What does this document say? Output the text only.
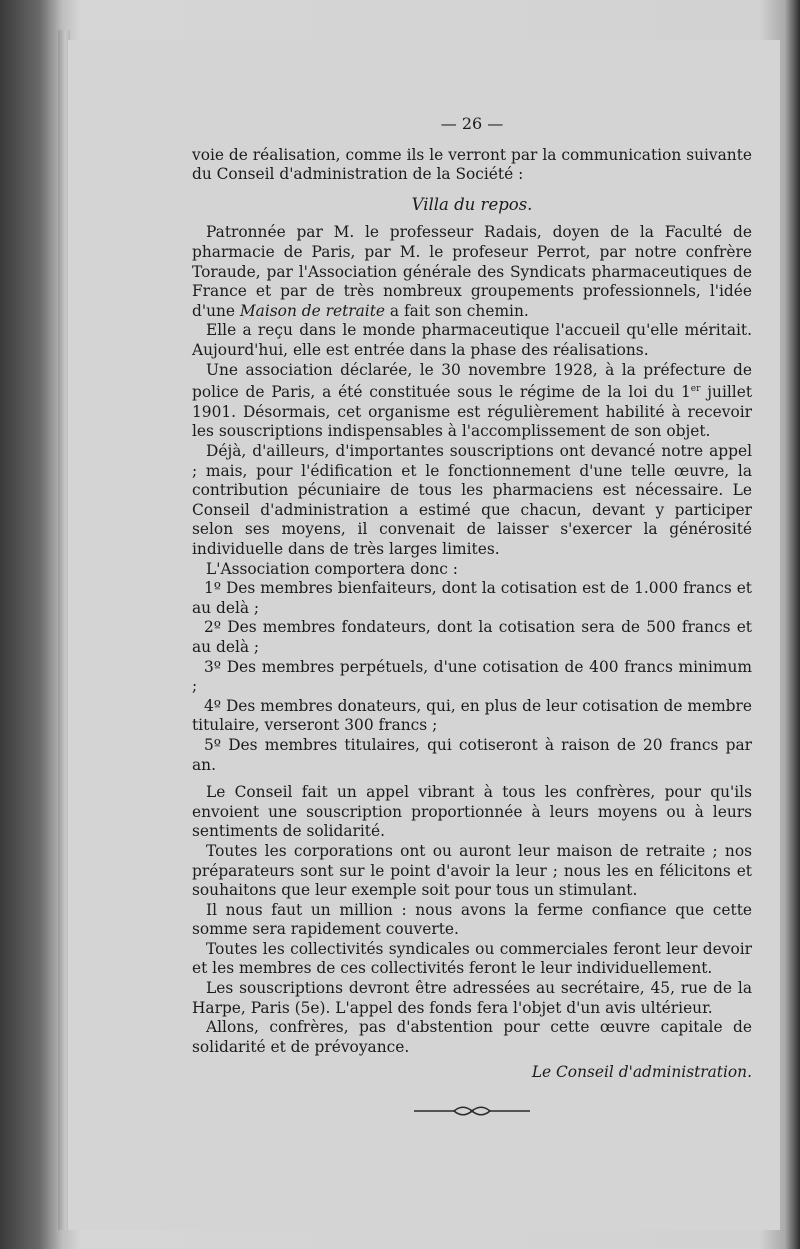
— 26 —

voie de réalisation, comme ils le verront par la communication suivante du Conseil d'administration de la Société :

Villa du repos.

Patronnée par M. le professeur Radais, doyen de la Faculté de pharmacie de Paris, par M. le profeseur Perrot, par notre confrère Toraude, par l'Association générale des Syndicats pharmaceutiques de France et par de très nombreux groupements professionnels, l'idée d'une Maison de retraite a fait son chemin.

Elle a reçu dans le monde pharmaceutique l'accueil qu'elle méritait. Aujourd'hui, elle est entrée dans la phase des réalisations.

Une association déclarée, le 30 novembre 1928, à la préfecture de police de Paris, a été constituée sous le régime de la loi du 1er juillet 1901. Désormais, cet organisme est régulièrement habilité à recevoir les souscriptions indispensables à l'accomplissement de son objet.

Déjà, d'ailleurs, d'importantes souscriptions ont devancé notre appel ; mais, pour l'édification et le fonctionnement d'une telle œuvre, la contribution pécuniaire de tous les pharmaciens est nécessaire. Le Conseil d'administration a estimé que chacun, devant y participer selon ses moyens, il convenait de laisser s'exercer la générosité individuelle dans de très larges limites.

L'Association comportera donc :

1º Des membres bienfaiteurs, dont la cotisation est de 1.000 francs et au delà ;

2º Des membres fondateurs, dont la cotisation sera de 500 francs et au delà ;

3º Des membres perpétuels, d'une cotisation de 400 francs minimum ;

4º Des membres donateurs, qui, en plus de leur cotisation de membre titulaire, verseront 300 francs ;

5º Des membres titulaires, qui cotiseront à raison de 20 francs par an.

Le Conseil fait un appel vibrant à tous les confrères, pour qu'ils envoient une souscription proportionnée à leurs moyens ou à leurs sentiments de solidarité.

Toutes les corporations ont ou auront leur maison de retraite ; nos préparateurs sont sur le point d'avoir la leur ; nous les en félicitons et souhaitons que leur exemple soit pour tous un stimulant.

Il nous faut un million : nous avons la ferme confiance que cette somme sera rapidement couverte.

Toutes les collectivités syndicales ou commerciales feront leur devoir et les membres de ces collectivités feront le leur individuellement.

Les souscriptions devront être adressées au secrétaire, 45, rue de la Harpe, Paris (5e). L'appel des fonds fera l'objet d'un avis ultérieur.

Allons, confrères, pas d'abstention pour cette œuvre capitale de solidarité et de prévoyance.

Le Conseil d'administration.
